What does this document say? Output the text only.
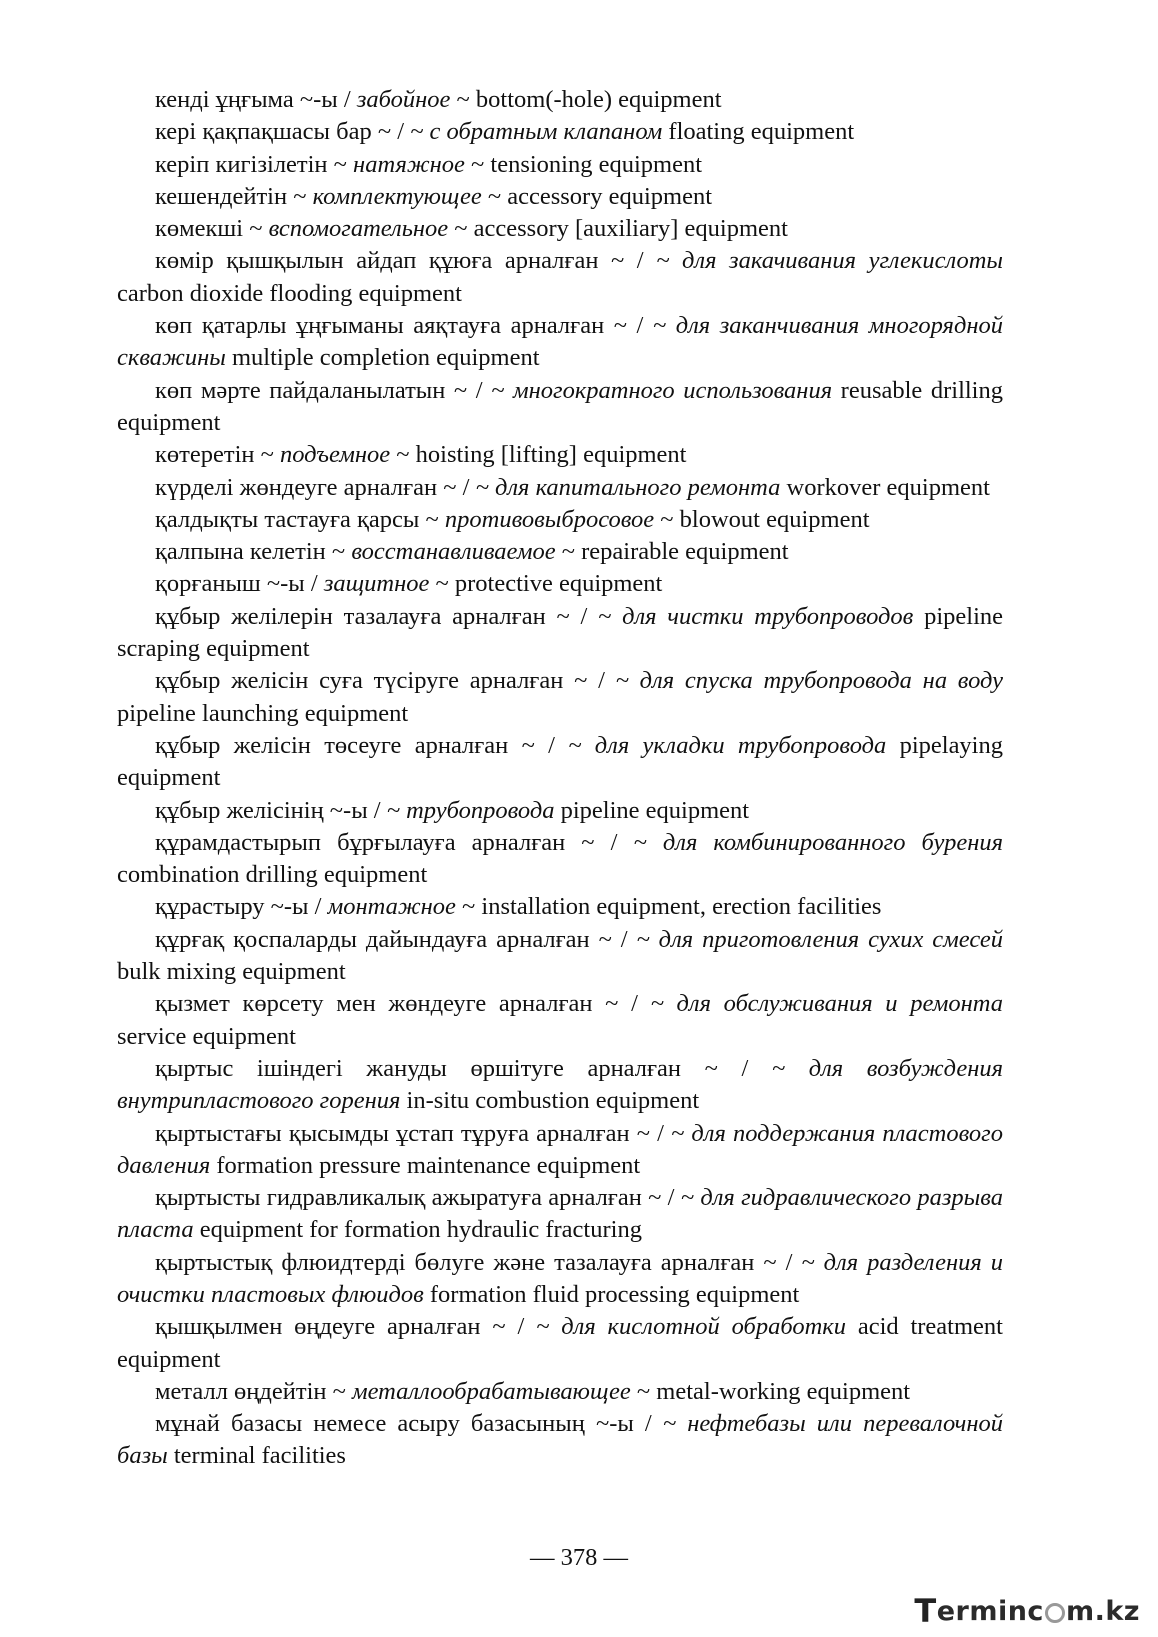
кенді ұңғыма ~-ы / забойное ~ bottom(-hole) equipment

кері қақпақшасы бар ~ / ~ с обратным клапаном floating equipment

керіп кигізілетін ~ натяжное ~ tensioning equipment

кешендейтін ~ комплектующее ~ accessory equipment

көмекші ~ вспомогательное ~ accessory [auxiliary] equipment

көмір қышқылын айдап құюға арналған ~ / ~ для закачивания углекислоты carbon dioxide flooding equipment

көп қатарлы ұңғыманы аяқтауға арналған ~ / ~ для заканчивания многорядной скважины multiple completion equipment

көп мәрте пайдаланылатын ~ / ~ многократного использования reusable drilling equipment

көтеретін ~ подъемное ~ hoisting [lifting] equipment

күрделі жөндеуге арналған ~ / ~ для капитального ремонта workover equipment

қалдықты тастауға қарсы ~ противовыбросовое ~ blowout equipment

қалпына келетін ~ восстанавливаемое ~ repairable equipment

қорғаныш ~-ы / защитное ~ protective equipment

құбыр желілерін тазалауға арналған ~ / ~ для чистки трубопроводов pipeline scraping equipment

құбыр желісін суға түсіруге арналған ~ / ~ для спуска трубопровода на воду pipeline launching equipment

құбыр желісін төсеуге арналған ~ / ~ для укладки трубопровода pipelaying equipment

құбыр желісінің ~-ы / ~ трубопровода pipeline equipment

құрамдастырып бұрғылауға арналған ~ / ~ для комбинированного бурения combination drilling equipment

құрастыру ~-ы / монтажное ~ installation equipment, erection facilities

құрғақ қоспаларды дайындауға арналған ~ / ~ для приготовления сухих смесей bulk mixing equipment

қызмет көрсету мен жөндеуге арналған ~ / ~ для обслуживания и ремонта service equipment

қыртыс ішіндегі жануды өршітуге арналған ~ / ~ для возбуждения внутрипластового горения in-situ combustion equipment

қыртыстағы қысымды ұстап тұруға арналған ~ / ~ для поддержания пластового давления formation pressure maintenance equipment

қыртысты гидравликалық ажыратуға арналған ~ / ~ для гидравлического разрыва пласта equipment for formation hydraulic fracturing

қыртыстық флюидтерді бөлуге және тазалауға арналған ~ / ~ для разделения и очистки пластовых флюидов formation fluid processing equipment

қышқылмен өңдеуге арналған ~ / ~ для кислотной обработки acid treatment equipment

металл өңдейтін ~ металлообрабатывающее ~ metal-working equipment

мұнай базасы немесе асыру базасының ~-ы / ~ нефтебазы или перевалочной базы terminal facilities

— 378 —
T erminc m.kz
